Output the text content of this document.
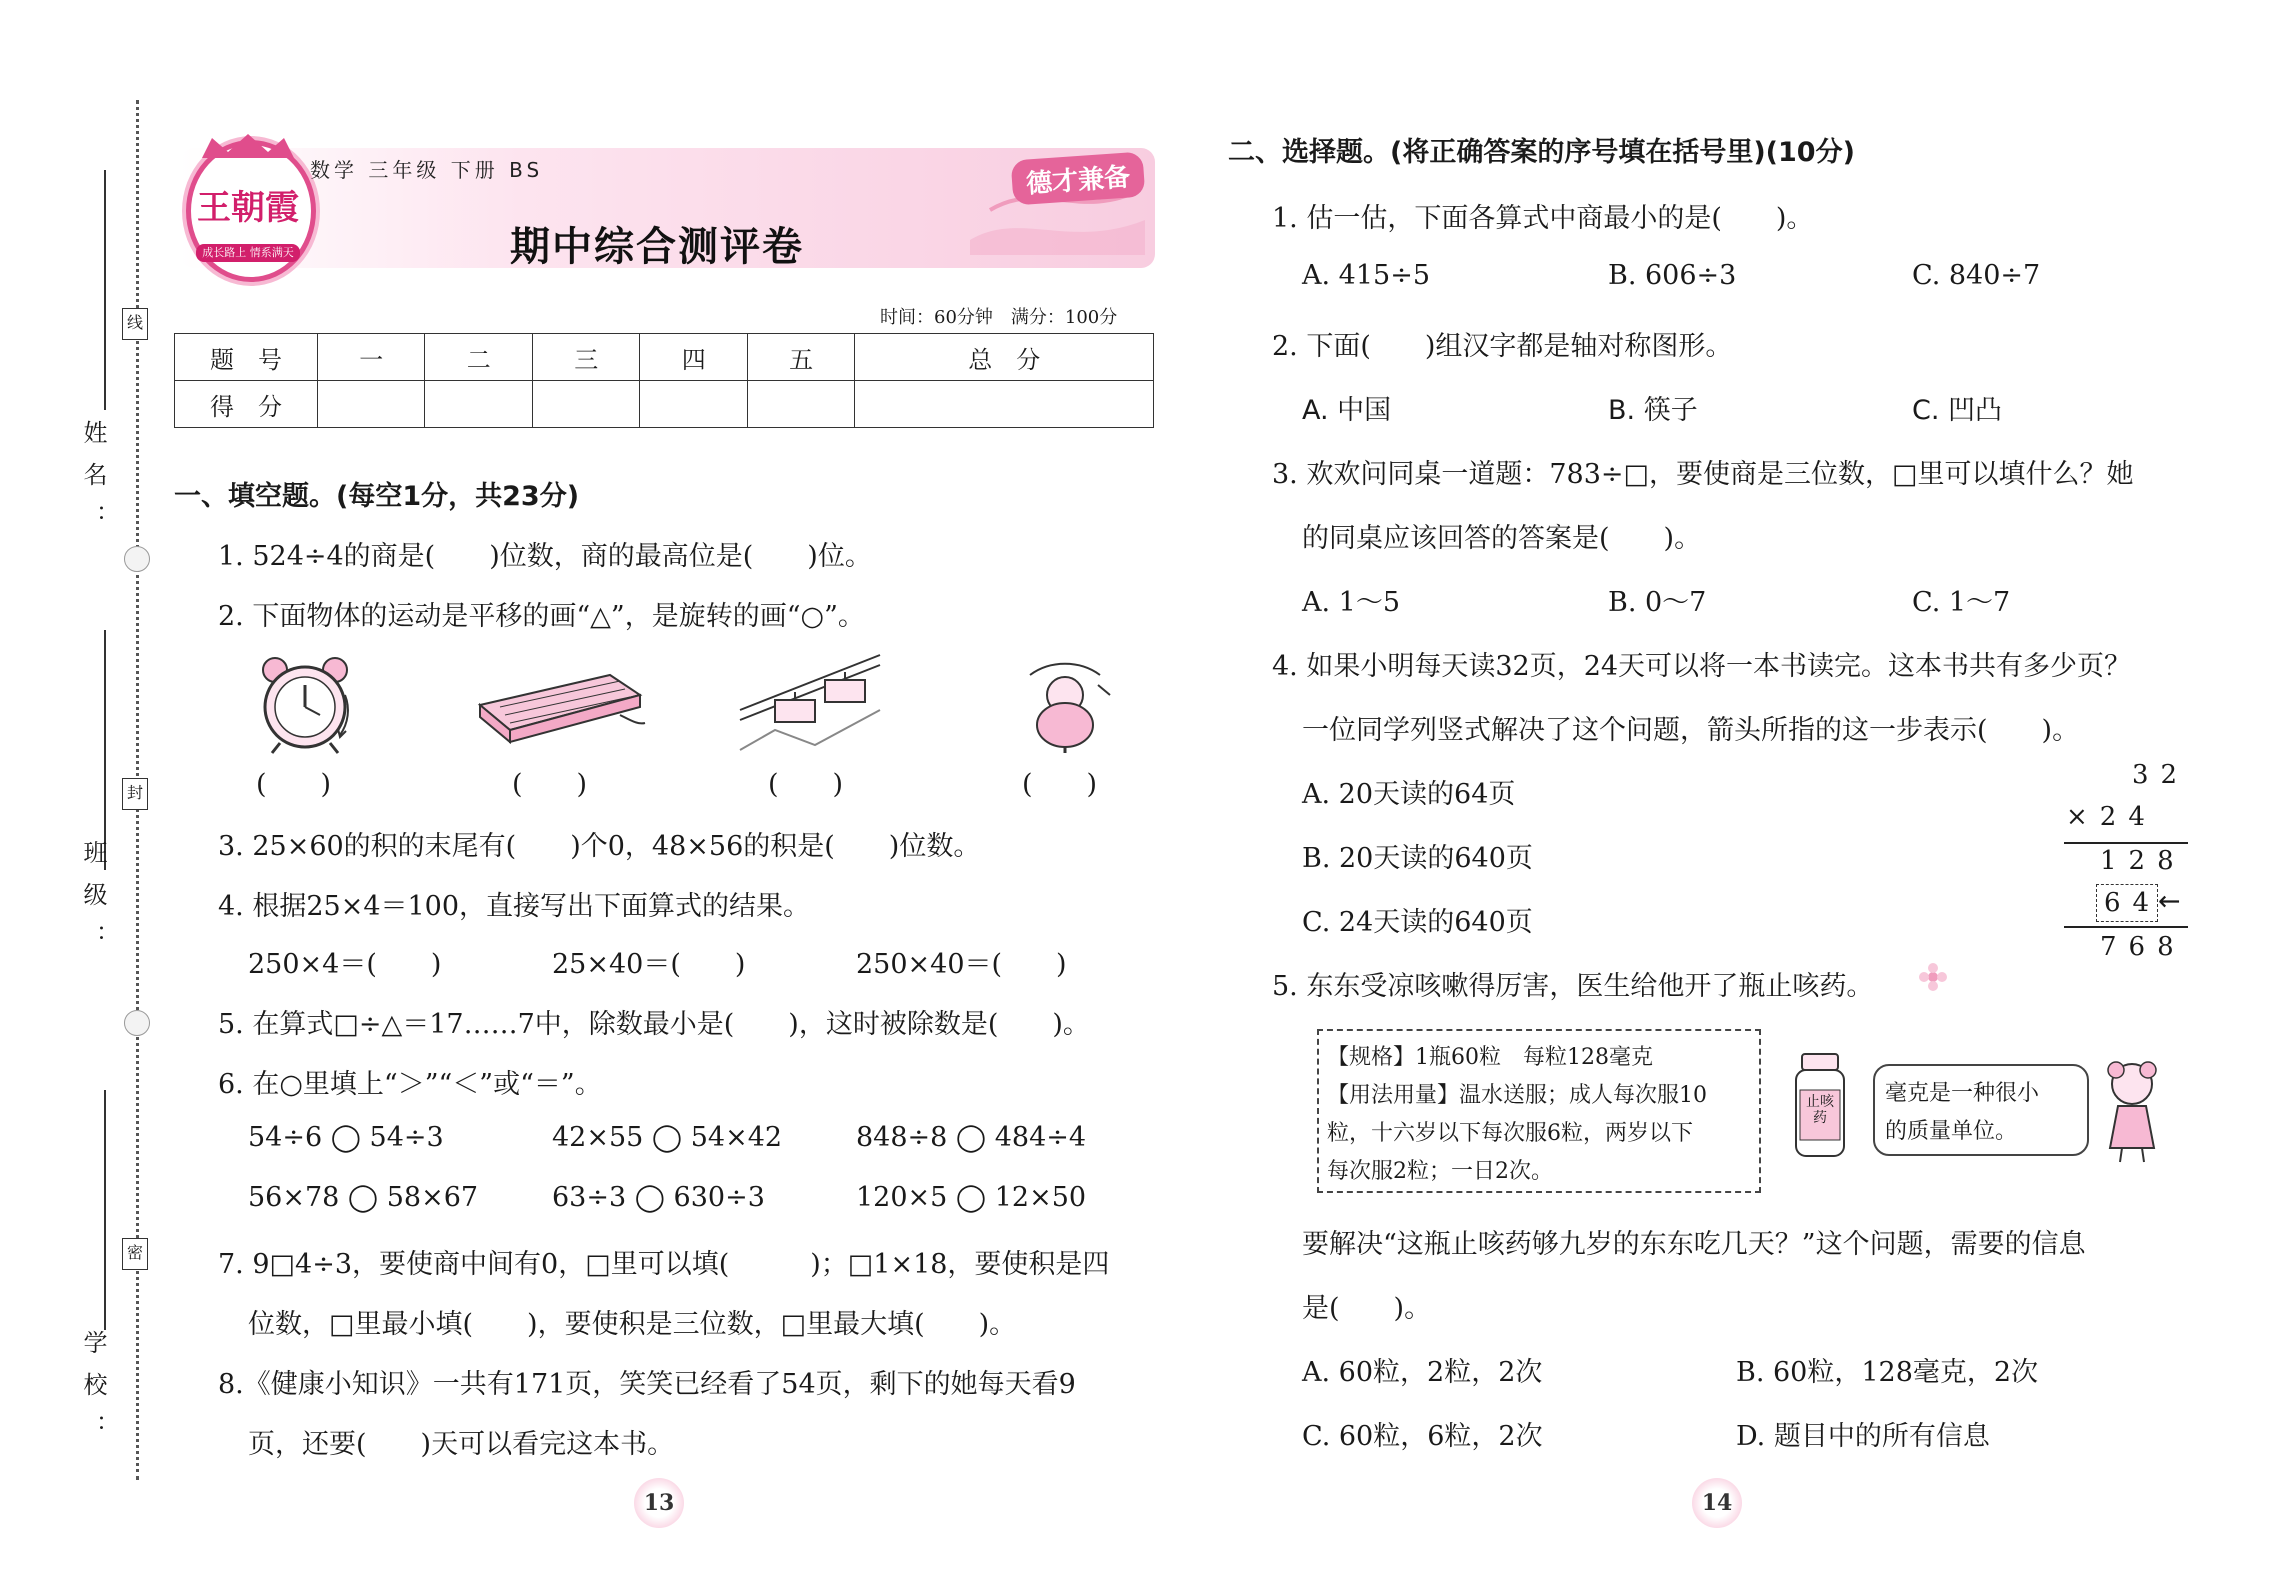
姓名：
班级：
学校：
线
封
密
王朝霞
成长路上 情系满天
数学 三年级 下册 BS	德才兼备
期中综合测评卷
时间：60分钟　满分：100分
题　号	一	二	三	四	五	总　分
得　分						
一、填空题。(每空1分，共23分)
1. 524÷4的商是(　　)位数，商的最高位是(　　)位。
2. 下面物体的运动是平移的画“△”，是旋转的画“○”。
(　　)	(　　)	(　　)	(　　)
3. 25×60的积的末尾有(　　)个0，48×56的积是(　　)位数。
4. 根据25×4＝100，直接写出下面算式的结果。
250×4＝(　　)	25×40＝(　　)	250×40＝(　　)
5. 在算式□÷△＝17……7中，除数最小是(　　)，这时被除数是(　　)。
6. 在○里填上“＞”“＜”或“＝”。
54÷6 ◯ 54÷3	42×55 ◯ 54×42	848÷8 ◯ 484÷4
56×78 ◯ 58×67	63÷3 ◯ 630÷3	120×5 ◯ 12×50
7. 9□4÷3，要使商中间有0，□里可以填(　　　)；□1×18，要使积是四
位数，□里最小填(　　)，要使积是三位数，□里最大填(　　)。
8.《健康小知识》一共有171页，笑笑已经看了54页，剩下的她每天看9
页，还要(　　)天可以看完这本书。
13
二、选择题。(将正确答案的序号填在括号里)(10分)
1. 估一估，下面各算式中商最小的是(　　)。
A. 415÷5	B. 606÷3	C. 840÷7
2. 下面(　　)组汉字都是轴对称图形。
A. 中国	B. 筷子	C. 凹凸
3. 欢欢问同桌一道题：783÷□，要使商是三位数，□里可以填什么？她
的同桌应该回答的答案是(　　)。
A. 1～5	B. 0～7	C. 1～7
4. 如果小明每天读32页，24天可以将一本书读完。这本书共有多少页？
一位同学列竖式解决了这个问题，箭头所指的这一步表示(　　)。
A. 20天读的64页
B. 20天读的640页
C. 24天读的640页
32
×24
128
64
←
768
5. 东东受凉咳嗽得厉害，医生给他开了瓶止咳药。
【规格】1瓶60粒　每粒128毫克
【用法用量】温水送服；成人每次服10
粒，十六岁以下每次服6粒，两岁以下
每次服2粒；一日2次。
止咳药
毫克是一种很小
的质量单位。
要解决“这瓶止咳药够九岁的东东吃几天？”这个问题，需要的信息
是(　　)。
A. 60粒，2粒，2次	B. 60粒，128毫克，2次
C. 60粒，6粒，2次	D. 题目中的所有信息
14
